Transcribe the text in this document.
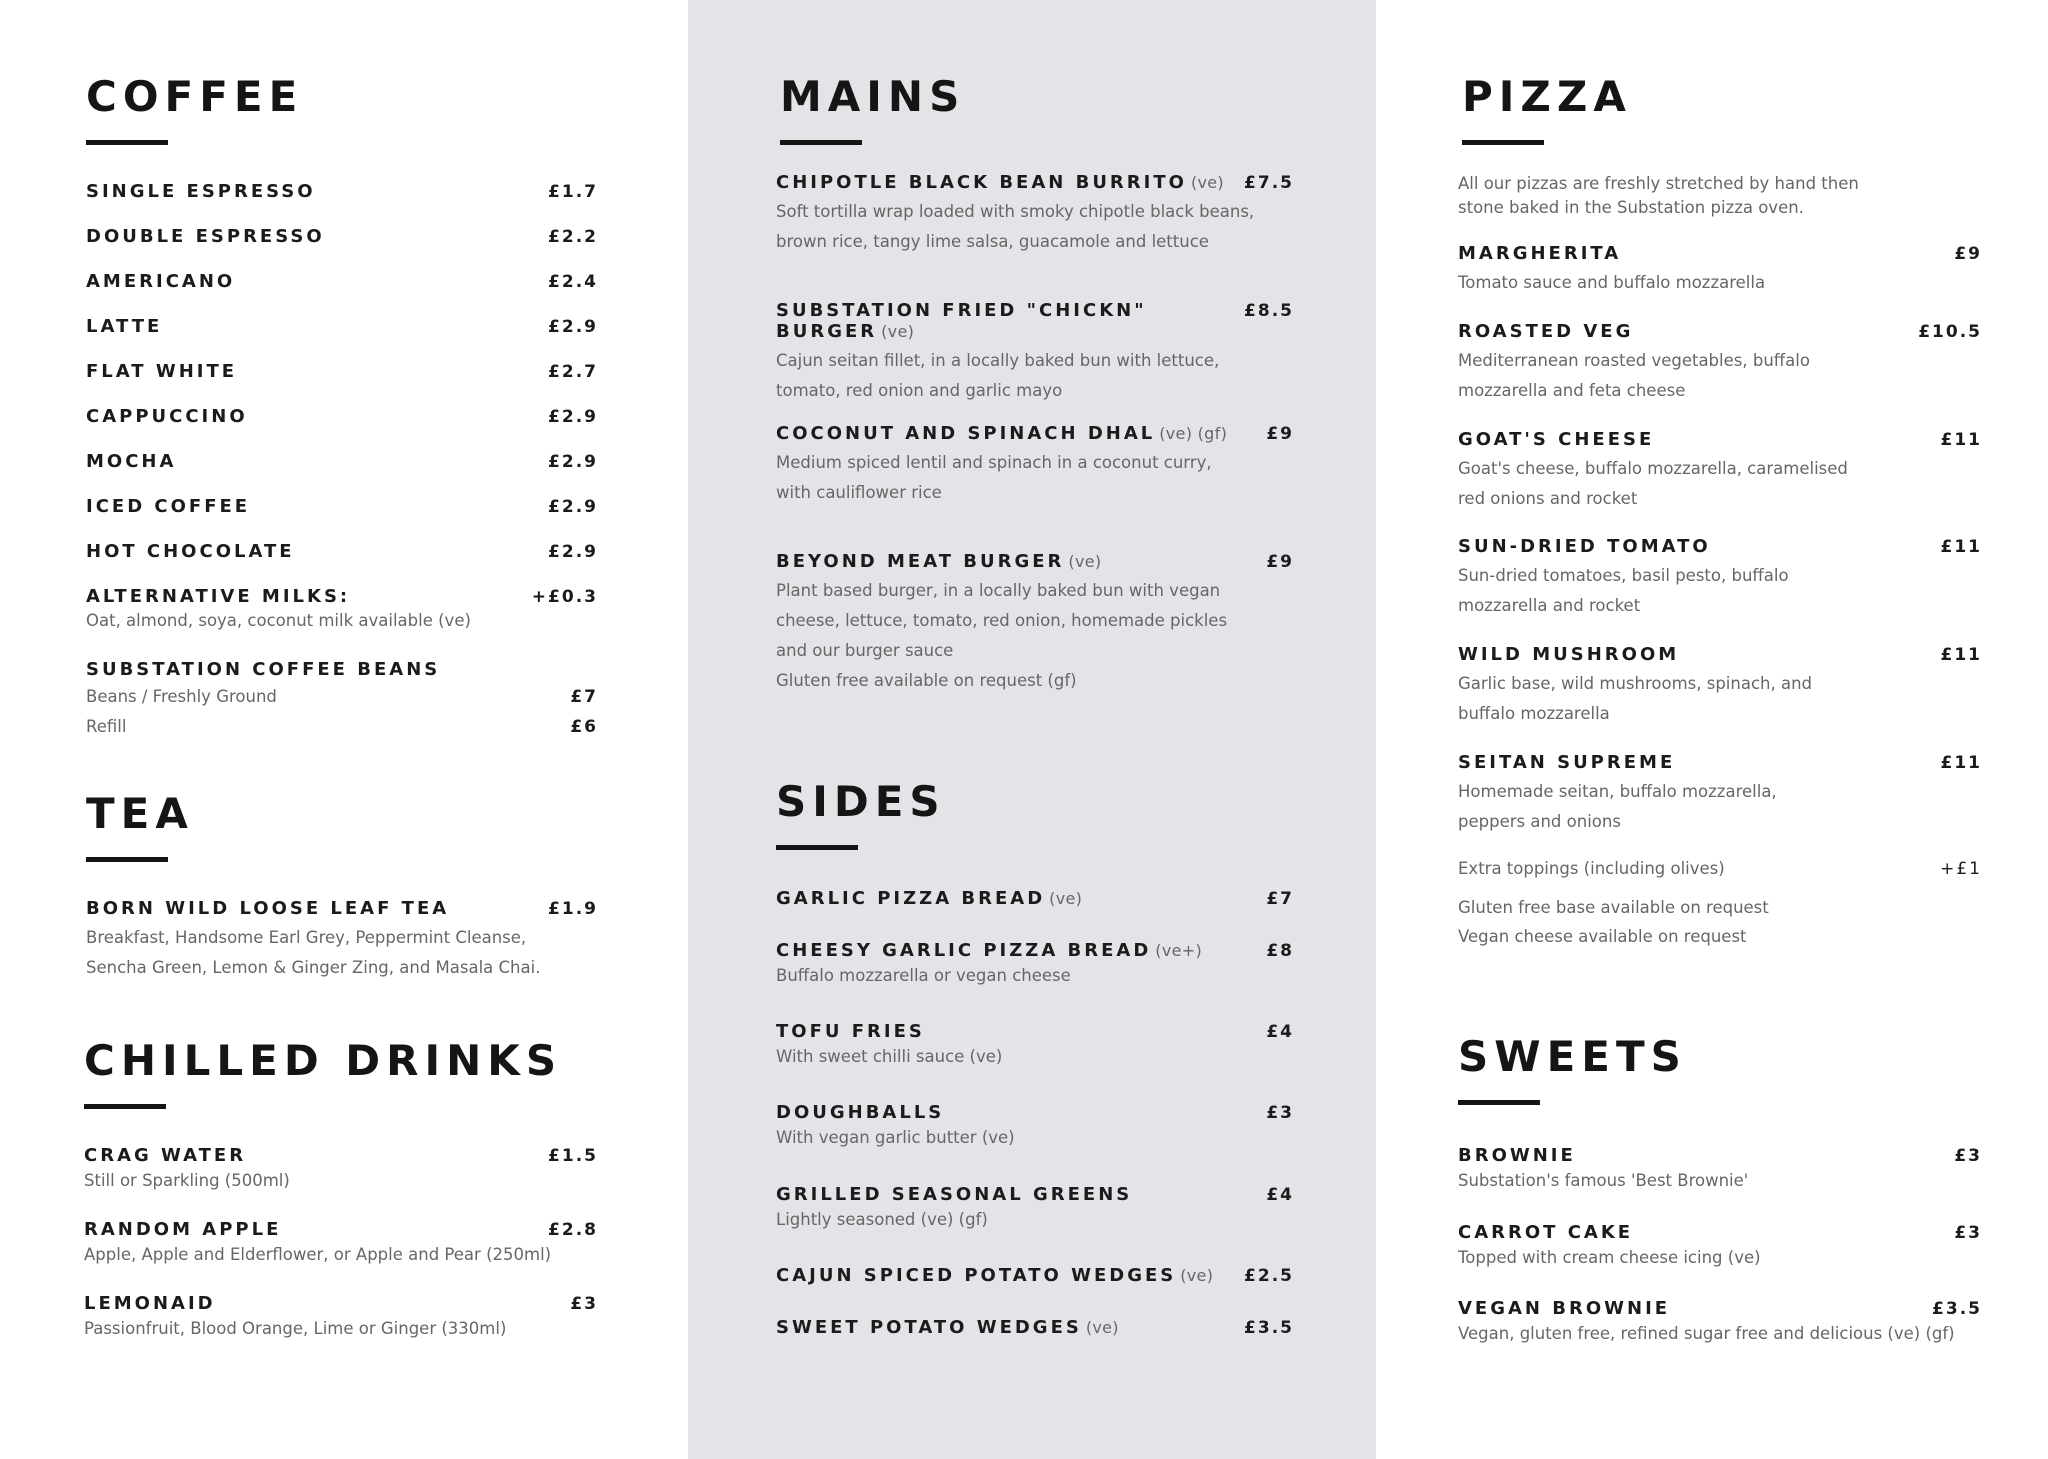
COFFEE
SINGLE ESPRESSO	£1.7
DOUBLE ESPRESSO	£2.2
AMERICANO	£2.4
LATTE	£2.9
FLAT WHITE	£2.7
CAPPUCCINO	£2.9
MOCHA	£2.9
ICED COFFEE	£2.9
HOT CHOCOLATE	£2.9
ALTERNATIVE MILKS:	+£0.3
Oat, almond, soya, coconut milk available (ve)
SUBSTATION COFFEE BEANS
Beans / Freshly Ground	£7
Refill	£6
TEA
BORN WILD LOOSE LEAF TEA	£1.9
Breakfast, Handsome Earl Grey, Peppermint Cleanse,
Sencha Green, Lemon & Ginger Zing, and Masala Chai.
CHILLED DRINKS
CRAG WATER	£1.5
Still or Sparkling (500ml)
RANDOM APPLE	£2.8
Apple, Apple and Elderflower, or Apple and Pear (250ml)
LEMONAID	£3
Passionfruit, Blood Orange, Lime or Ginger (330ml)
MAINS
CHIPOTLE BLACK BEAN BURRITO (ve) £7.5
Soft tortilla wrap loaded with smoky chipotle black beans,
brown rice, tangy lime salsa, guacamole and lettuce
SUBSTATION FRIED "CHICKN" BURGER (ve)
£8.5
Cajun seitan fillet, in a locally baked bun with lettuce,
tomato, red onion and garlic mayo
COCONUT AND SPINACH DHAL (ve) (gf) £9
Medium spiced lentil and spinach in a coconut curry,
with cauliflower rice
BEYOND MEAT BURGER (ve)	£9
Plant based burger, in a locally baked bun with vegan
cheese, lettuce, tomato, red onion, homemade pickles
and our burger sauce
Gluten free available on request (gf)
SIDES
GARLIC PIZZA BREAD (ve)	£7
CHEESY GARLIC PIZZA BREAD (ve+)	£8
Buffalo mozzarella or vegan cheese
TOFU FRIES	£4
With sweet chilli sauce (ve)
DOUGHBALLS	£3
With vegan garlic butter (ve)
GRILLED SEASONAL GREENS	£4
Lightly seasoned (ve) (gf)
CAJUN SPICED POTATO WEDGES (ve) £2.5
SWEET POTATO WEDGES (ve)	£3.5
PIZZA
All our pizzas are freshly stretched by hand then
stone baked in the Substation pizza oven.
MARGHERITA	£9
Tomato sauce and buffalo mozzarella
ROASTED VEG	£10.5
Mediterranean roasted vegetables, buffalo
mozzarella and feta cheese
GOAT'S CHEESE	£11
Goat's cheese, buffalo mozzarella, caramelised
red onions and rocket
SUN-DRIED TOMATO	£11
Sun-dried tomatoes, basil pesto, buffalo
mozzarella and rocket
WILD MUSHROOM	£11
Garlic base, wild mushrooms, spinach, and
buffalo mozzarella
SEITAN SUPREME	£11
Homemade seitan, buffalo mozzarella,
peppers and onions
Extra toppings (including olives)	+£1
Gluten free base available on request
Vegan cheese available on request
SWEETS
BROWNIE	£3
Substation's famous 'Best Brownie'
CARROT CAKE	£3
Topped with cream cheese icing (ve)
VEGAN BROWNIE	£3.5
Vegan, gluten free, refined sugar free and delicious (ve) (gf)
